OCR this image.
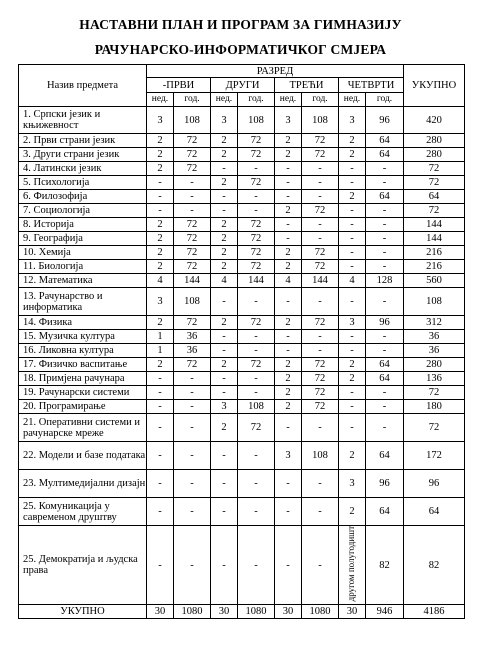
НАСТАВНИ ПЛАН И ПРОГРАМ ЗА ГИМНАЗИЈУ
РАЧУНАРСКО-ИНФОРМАТИЧКОГ СМЈЕРА
Назив предмета	РАЗРЕД								УКУПНО
	-ПРВИ		ДРУГИ		ТРЕЋИ		ЧЕТВРТИ		
	нед.	год.	нед.	год.	нед.	год.	нед.	год.	
1. Српски језик и књижевност	3	108	3	108	3	108	3	96	420
2. Први страни језик	2	72	2	72	2	72	2	64	280
3. Други страни језик	2	72	2	72	2	72	2	64	280
4. Латински језик	2	72	-	-	-	-	-	-	72
5. Психологија	-	-	2	72	-	-	-	-	72
6. Филозофија	-	-	-	-	-	-	2	64	64
7. Социологија	-	-	-	-	2	72	-	-	72
8. Историја	2	72	2	72	-	-	-	-	144
9. Географија	2	72	2	72	-	-	-	-	144
10. Хемија	2	72	2	72	2	72	-	-	216
11. Биологија	2	72	2	72	2	72	-	-	216
12. Математика	4	144	4	144	4	144	4	128	560
13. Рачунарство и информатика	3	108	-	-	-	-	-	-	108
14. Физика	2	72	2	72	2	72	3	96	312
15. Музичка култура	1	36	-	-	-	-	-	-	36
16. Ликовна култура	1	36	-	-	-	-	-	-	36
17. Физичко васпитање	2	72	2	72	2	72	2	64	280
18. Примјена рачунара	-	-	-	-	2	72	2	64	136
19. Рачунарски системи	-	-	-	-	2	72	-	-	72
20. Програмирање	-	-	3	108	2	72	-	-	180
21. Оперативни системи и рачунарске мреже	-	-	2	72	-	-	-	-	72
22. Модели и базе података	-	-	-	-	3	108	2	64	172
23. Мултимедијални дизајн	-	-	-	-	-	-	3	96	96
25. Комуникација у савременом друштву	-	-	-	-	-	-	2	64	64
25. Демократија и људска права	-	-	-	-	-	-	другом полугодишт	82	82
УКУПНО	30	1080	30	1080	30	1080	30	946	4186
